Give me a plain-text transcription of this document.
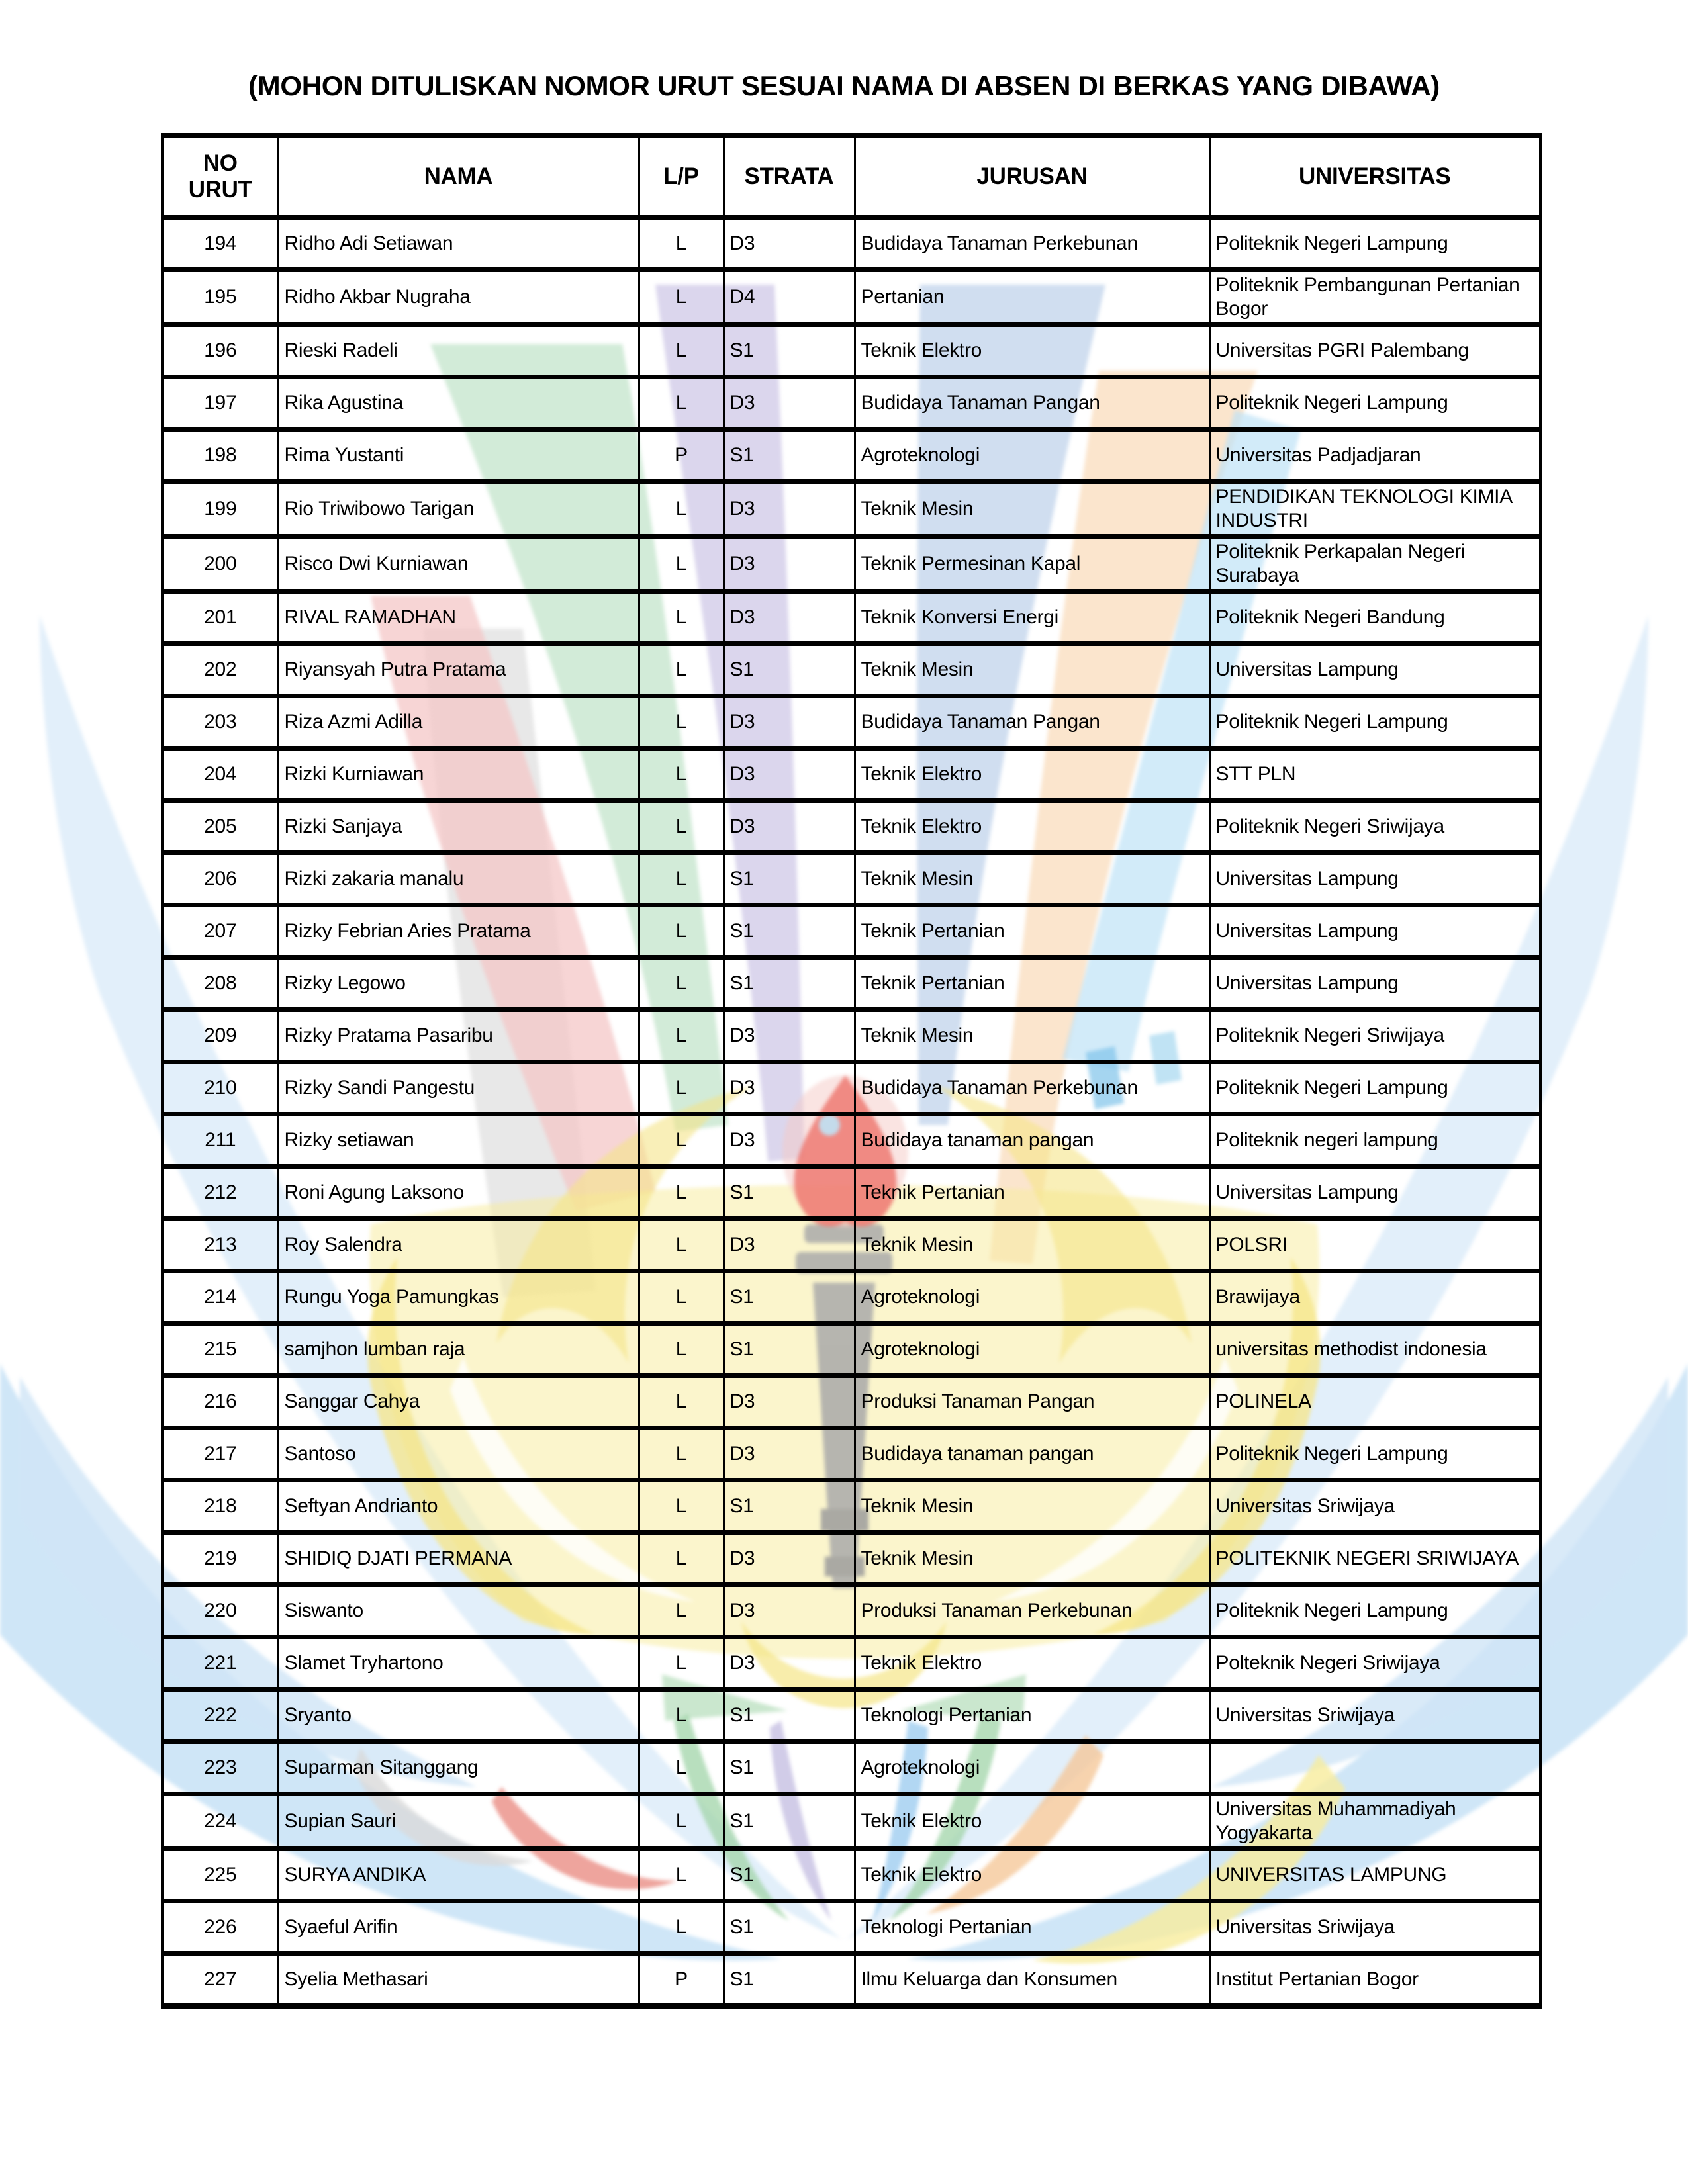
(MOHON DITULISKAN NOMOR URUT SESUAI NAMA DI ABSEN DI BERKAS YANG DIBAWA)
NO URUT	NAMA	L/P	STRATA	JURUSAN	UNIVERSITAS
194	Ridho Adi Setiawan	L	D3	Budidaya Tanaman Perkebunan	Politeknik Negeri Lampung
195	Ridho Akbar Nugraha	L	D4	Pertanian	Politeknik Pembangunan Pertanian Bogor
196	Rieski Radeli	L	S1	Teknik Elektro	Universitas PGRI Palembang
197	Rika Agustina	L	D3	Budidaya Tanaman Pangan	Politeknik Negeri Lampung
198	Rima Yustanti	P	S1	Agroteknologi	Universitas Padjadjaran
199	Rio Triwibowo Tarigan	L	D3	Teknik Mesin	PENDIDIKAN TEKNOLOGI KIMIA INDUSTRI
200	Risco Dwi Kurniawan	L	D3	Teknik Permesinan Kapal	Politeknik Perkapalan Negeri Surabaya
201	RIVAL RAMADHAN	L	D3	Teknik Konversi Energi	Politeknik Negeri Bandung
202	Riyansyah Putra Pratama	L	S1	Teknik Mesin	Universitas Lampung
203	Riza Azmi Adilla	L	D3	Budidaya Tanaman Pangan	Politeknik Negeri Lampung
204	Rizki Kurniawan	L	D3	Teknik Elektro	STT PLN
205	Rizki Sanjaya	L	D3	Teknik Elektro	Politeknik Negeri Sriwijaya
206	Rizki zakaria manalu	L	S1	Teknik Mesin	Universitas Lampung
207	Rizky Febrian Aries Pratama	L	S1	Teknik Pertanian	Universitas Lampung
208	Rizky Legowo	L	S1	Teknik Pertanian	Universitas Lampung
209	Rizky Pratama Pasaribu	L	D3	Teknik Mesin	Politeknik Negeri Sriwijaya
210	Rizky Sandi Pangestu	L	D3	Budidaya Tanaman Perkebunan	Politeknik Negeri Lampung
211	Rizky setiawan	L	D3	Budidaya tanaman pangan	Politeknik negeri lampung
212	Roni Agung Laksono	L	S1	Teknik Pertanian	Universitas Lampung
213	Roy Salendra	L	D3	Teknik Mesin	POLSRI
214	Rungu Yoga Pamungkas	L	S1	Agroteknologi	Brawijaya
215	samjhon lumban raja	L	S1	Agroteknologi	universitas methodist indonesia
216	Sanggar Cahya	L	D3	Produksi Tanaman Pangan	POLINELA
217	Santoso	L	D3	Budidaya tanaman pangan	Politeknik Negeri Lampung
218	Seftyan Andrianto	L	S1	Teknik Mesin	Universitas Sriwijaya
219	SHIDIQ DJATI PERMANA	L	D3	Teknik Mesin	POLITEKNIK NEGERI SRIWIJAYA
220	Siswanto	L	D3	Produksi Tanaman Perkebunan	Politeknik Negeri Lampung
221	Slamet Tryhartono	L	D3	Teknik Elektro	Polteknik Negeri Sriwijaya
222	Sryanto	L	S1	Teknologi Pertanian	Universitas Sriwijaya
223	Suparman Sitanggang	L	S1	Agroteknologi	
224	Supian Sauri	L	S1	Teknik Elektro	Universitas Muhammadiyah Yogyakarta
225	SURYA ANDIKA	L	S1	Teknik Elektro	UNIVERSITAS LAMPUNG
226	Syaeful Arifin	L	S1	Teknologi Pertanian	Universitas Sriwijaya
227	Syelia Methasari	P	S1	Ilmu Keluarga dan Konsumen	Institut Pertanian Bogor
